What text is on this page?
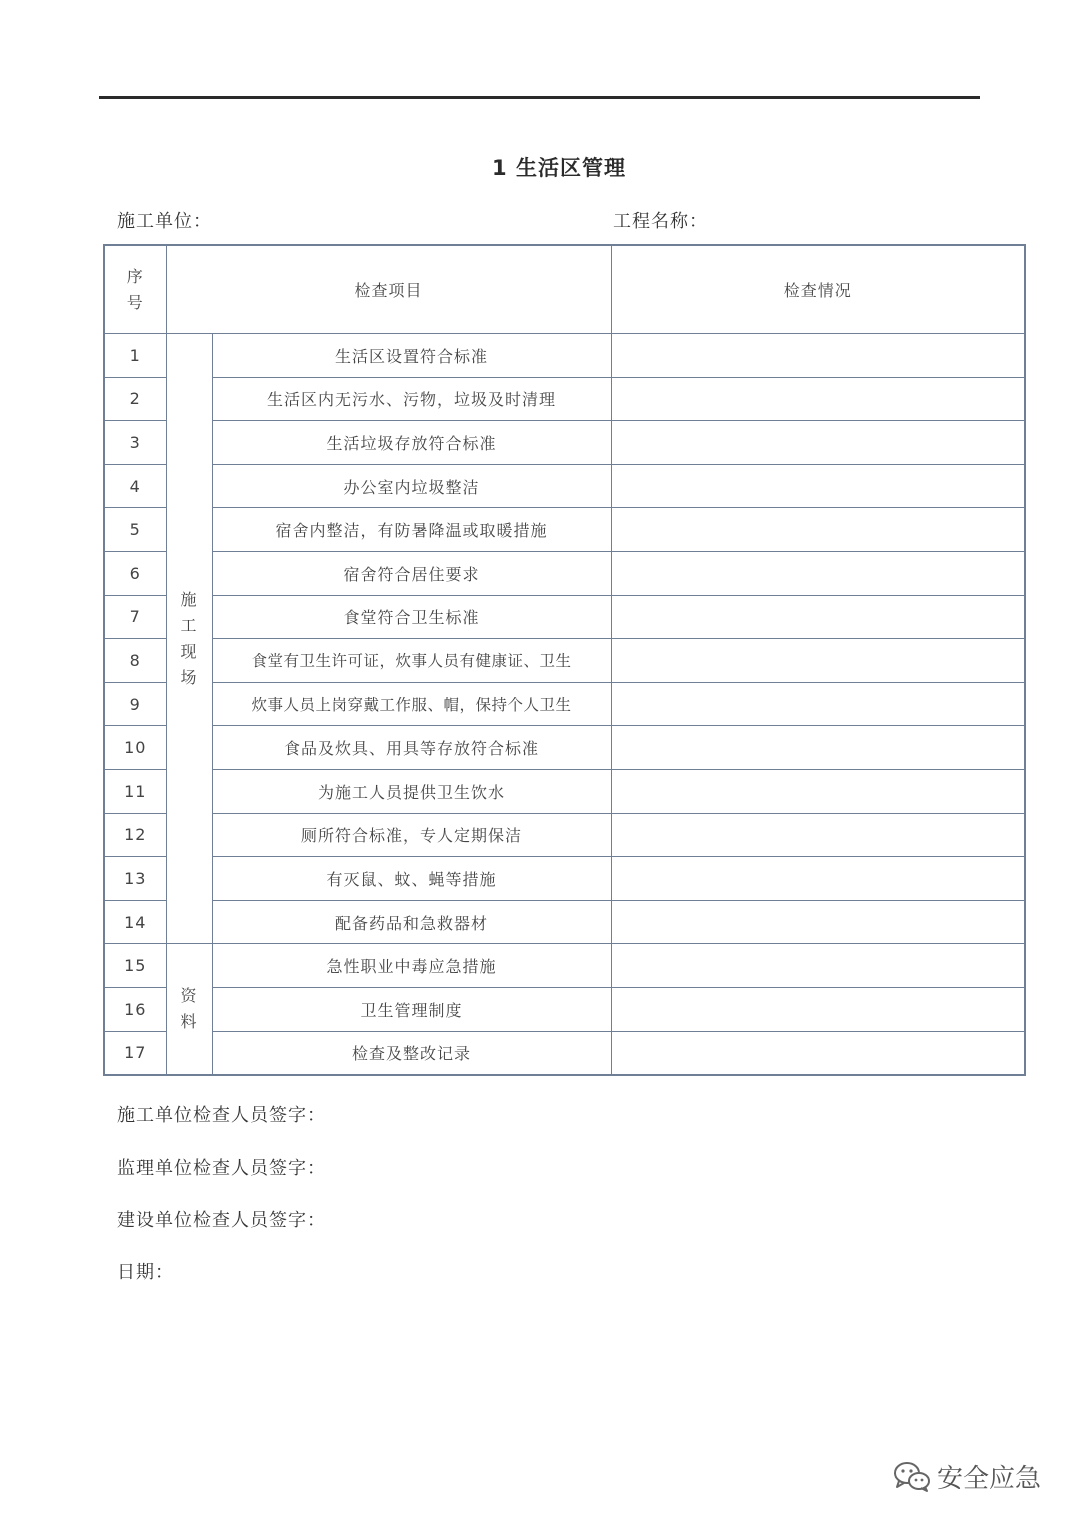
1 生活区管理
施工单位：	工程名称：
序号	检查项目		检查情况
1	施工现场	生活区设置符合标准	
2		生活区内无污水、污物，垃圾及时清理	
3		生活垃圾存放符合标准	
4		办公室内垃圾整洁	
5		宿舍内整洁，有防暑降温或取暖措施	
6		宿舍符合居住要求	
7		食堂符合卫生标准	
8		食堂有卫生许可证，炊事人员有健康证、卫生	
9		炊事人员上岗穿戴工作服、帽，保持个人卫生	
10		食品及炊具、用具等存放符合标准	
11		为施工人员提供卫生饮水	
12		厕所符合标准，专人定期保洁	
13		有灭鼠、蚊、蝇等措施	
14		配备药品和急救器材	
15	资料	急性职业中毒应急措施	
16		卫生管理制度	
17		检查及整改记录	
施工单位检查人员签字：
监理单位检查人员签字：
建设单位检查人员签字：
日期：
安全应急
